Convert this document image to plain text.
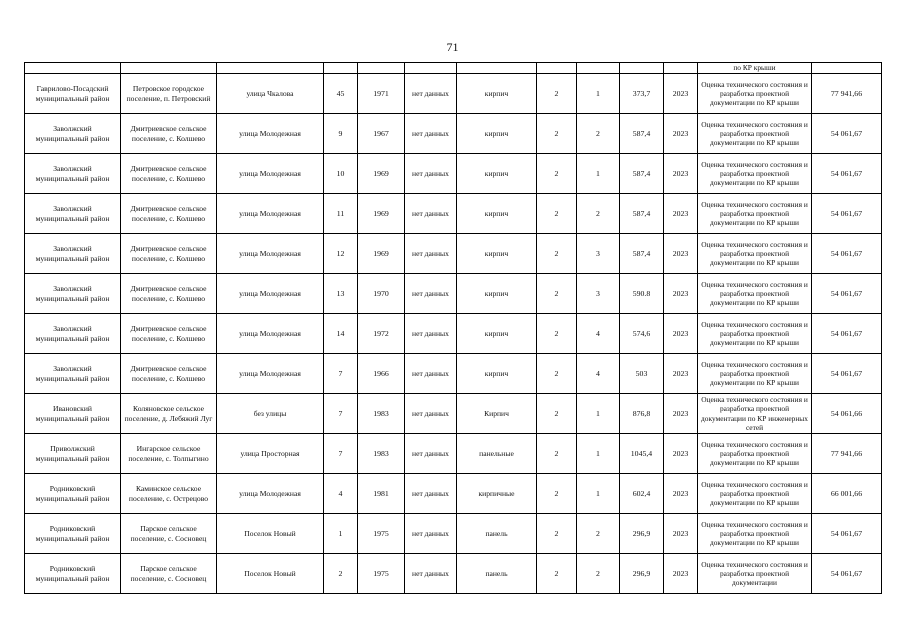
71
											по КР крыши	
Гаврилово-Посадский муниципальный район	Петровское городское поселение, п. Петровский	улица Чкалова	45	1971	нет данных	кирпич	2	1	373,7	2023	Оценка технического состояния и разработка проектной документации по КР крыши	77 941,66
Заволжский муниципальный район	Дмитриевское сельское поселение, с. Колшево	улица Молодежная	9	1967	нет данных	кирпич	2	2	587,4	2023	Оценка технического состояния и разработка проектной документации по КР крыши	54 061,67
Заволжский муниципальный район	Дмитриевское сельское поселение, с. Колшево	улица Молодежная	10	1969	нет данных	кирпич	2	1	587,4	2023	Оценка технического состояния и разработка проектной документации по КР крыши	54 061,67
Заволжский муниципальный район	Дмитриевское сельское поселение, с. Колшево	улица Молодежная	11	1969	нет данных	кирпич	2	2	587,4	2023	Оценка технического состояния и разработка проектной документации по КР крыши	54 061,67
Заволжский муниципальный район	Дмитриевское сельское поселение, с. Колшево	улица Молодежная	12	1969	нет данных	кирпич	2	3	587,4	2023	Оценка технического состояния и разработка проектной документации по КР крыши	54 061,67
Заволжский муниципальный район	Дмитриевское сельское поселение, с. Колшево	улица Молодежная	13	1970	нет данных	кирпич	2	3	590.8	2023	Оценка технического состояния и разработка проектной документации по КР крыши	54 061,67
Заволжский муниципальный район	Дмитриевское сельское поселение, с. Колшево	улица Молодежная	14	1972	нет данных	кирпич	2	4	574,6	2023	Оценка технического состояния и разработка проектной документации по КР крыши	54 061,67
Заволжский муниципальный район	Дмитриевское сельское поселение, с. Колшево	улица Молодежная	7	1966	нет данных	кирпич	2	4	503	2023	Оценка технического состояния и разработка проектной документации по КР крыши	54 061,67
Ивановский муниципальный район	Коляновское сельское поселение, д. Лебяжий Луг	без улицы	7	1983	нет данных	Кирпич	2	1	876,8	2023	Оценка технического состояния и разработка проектной документации по КР инженерных сетей	54 061,66
Приволжский муниципальный район	Ингарское сельское поселение, с. Толпыгино	улица Просторная	7	1983	нет данных	панельные	2	1	1045,4	2023	Оценка технического состояния и разработка проектной документации по КР крыши	77 941,66
Родниковский муниципальный район	Каминское сельское поселение, с. Острецово	улица Молодежная	4	1981	нет данных	кирпичные	2	1	602,4	2023	Оценка технического состояния и разработка проектной документации по КР крыши	66 001,66
Родниковский муниципальный район	Парское сельское поселение, с. Сосновец	Поселок Новый	1	1975	нет данных	панель	2	2	296,9	2023	Оценка технического состояния и разработка проектной документации по КР крыши	54 061,67
Родниковский муниципальный район	Парское сельское поселение, с. Сосновец	Поселок Новый	2	1975	нет данных	панель	2	2	296,9	2023	Оценка технического состояния и разработка проектной документации	54 061,67
